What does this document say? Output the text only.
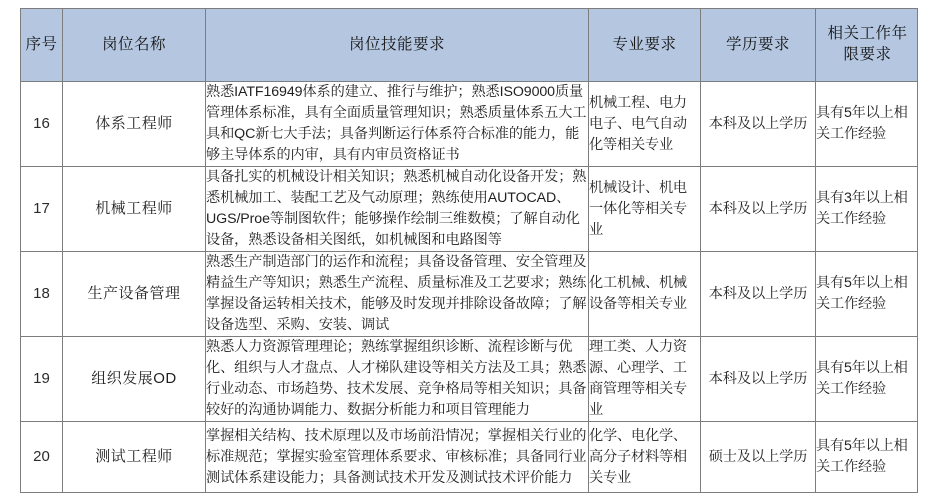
序号	岗位名称	岗位技能要求	专业要求	学历要求	相关工作年限要求
16	体系工程师	熟悉IATF16949体系的建立、推行与维护；熟悉ISO9000质量管理体系标准，具有全面质量管理知识；熟悉质量体系五大工具和QC新七大手法；具备判断运行体系符合标准的能力，能够主导体系的内审，具有内审员资格证书	机械工程、电力电子、电气自动化等相关专业	本科及以上学历	具有5年以上相关工作经验
17	机械工程师	具备扎实的机械设计相关知识；熟悉机械自动化设备开发；熟悉机械加工、装配工艺及气动原理；熟练使用AUTOCAD、UGS/Proe等制图软件；能够操作绘制三维数模；了解自动化设备，熟悉设备相关图纸，如机械图和电路图等	机械设计、机电一体化等相关专业	本科及以上学历	具有3年以上相关工作经验
18	生产设备管理	熟悉生产制造部门的运作和流程；具备设备管理、安全管理及精益生产等知识；熟悉生产流程、质量标准及工艺要求；熟练掌握设备运转相关技术，能够及时发现并排除设备故障；了解设备选型、采购、安装、调试	化工机械、机械设备等相关专业	本科及以上学历	具有5年以上相关工作经验
19	组织发展OD	熟悉人力资源管理理论；熟练掌握组织诊断、流程诊断与优化、组织与人才盘点、人才梯队建设等相关方法及工具；熟悉行业动态、市场趋势、技术发展、竞争格局等相关知识；具备较好的沟通协调能力、数据分析能力和项目管理能力	理工类、人力资源、心理学、工商管理等相关专业	本科及以上学历	具有5年以上相关工作经验
20	测试工程师	掌握相关结构、技术原理以及市场前沿情况；掌握相关行业的标准规范；掌握实验室管理体系要求、审核标准；具备同行业测试体系建设能力；具备测试技术开发及测试技术评价能力	化学、电化学、高分子材料等相关专业	硕士及以上学历	具有5年以上相关工作经验
